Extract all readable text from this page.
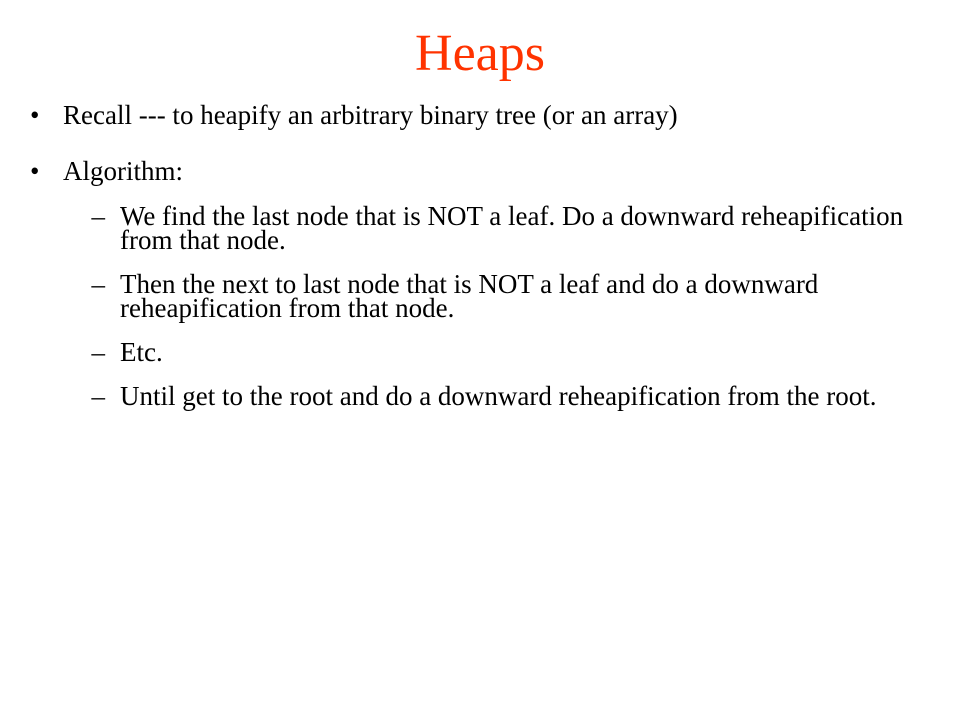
Heaps
• Recall --- to heapify an arbitrary binary tree (or an array)
• Algorithm:
– We find the last node that is NOT a leaf. Do a downward reheapification from that node.
– Then the next to last node that is NOT a leaf and do a downward reheapification from that node.
– Etc.
– Until get to the root and do a downward reheapification from the root.
